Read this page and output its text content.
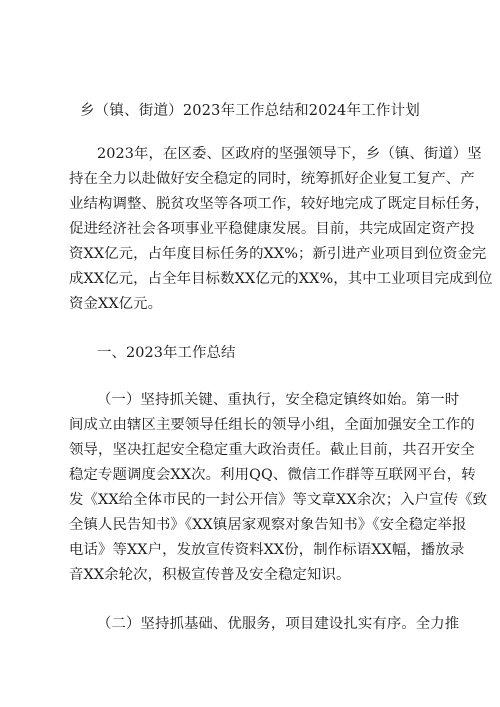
乡（镇、街道）2023年工作总结和2024年工作计划
2023年，在区委、区政府的坚强领导下，乡（镇、街道）坚
持在全力以赴做好安全稳定的同时，统筹抓好企业复工复产、产
业结构调整、脱贫攻坚等各项工作，较好地完成了既定目标任务，
促进经济社会各项事业平稳健康发展。目前，共完成固定资产投
资XX亿元，占年度目标任务的XX%；新引进产业项目到位资金完
成XX亿元，占全年目标数XX亿元的XX%，其中工业项目完成到位
资金XX亿元。
一、2023年工作总结
（一）坚持抓关键、重执行，安全稳定镇终如始。第一时
间成立由辖区主要领导任组长的领导小组，全面加强安全工作的
领导，坚决扛起安全稳定重大政治责任。截止目前，共召开安全
稳定专题调度会XX次。利用QQ、微信工作群等互联网平台，转
发《XX给全体市民的一封公开信》等文章XX余次；入户宣传《致
全镇人民告知书》《XX镇居家观察对象告知书》《安全稳定举报
电话》等XX户，发放宣传资料XX份，制作标语XX幅，播放录
音XX余轮次，积极宣传普及安全稳定知识。
（二）坚持抓基础、优服务，项目建设扎实有序。全力推
